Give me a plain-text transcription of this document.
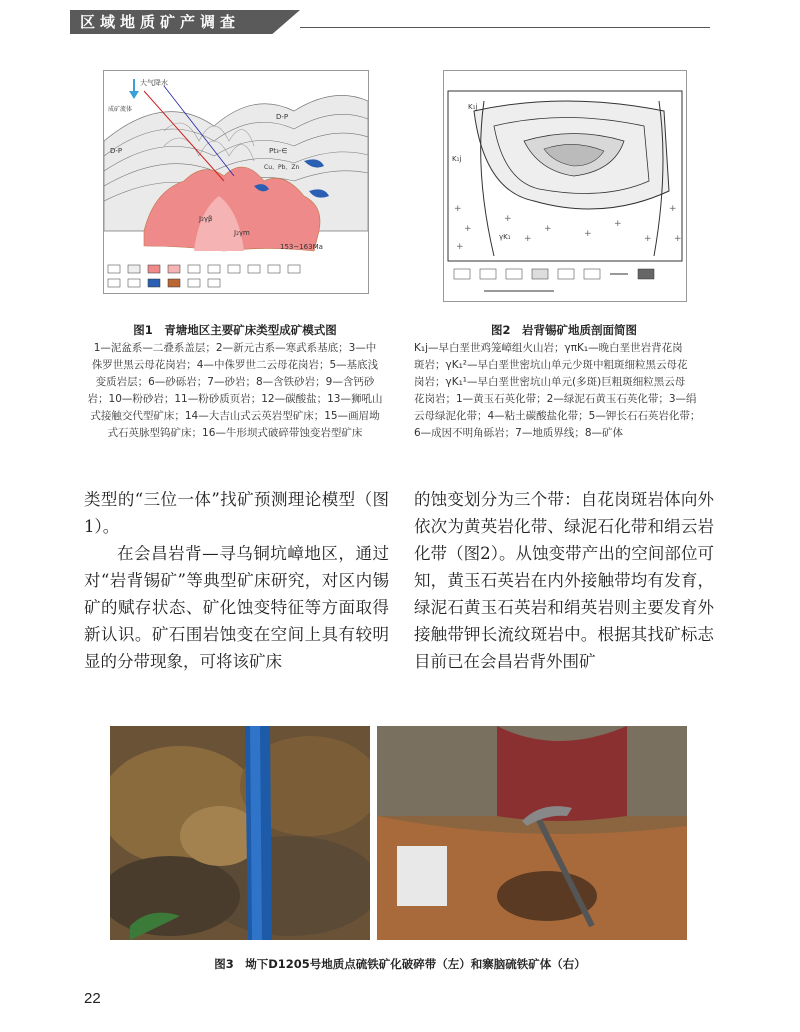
区域地质矿产调查
大气降水
成矿流体
D-P
D-P
Pt₃-∈
Cu、Pb、Zn
J₂γβ
J₂γm
153~163Ma
图1　青塘地区主要矿床类型成矿模式图
1—泥盆系—二叠系盖层；2—新元古系—寒武系基底；3—中
侏罗世黑云母花岗岩；4—中侏罗世二云母花岗岩；5—基底浅
变质岩层；6—砂砾岩；7—砂岩；8—含铁砂岩；9—含钙砂
岩；10—粉砂岩；11—粉砂质页岩；12—碳酸盐；13—狮吼山
式接触交代型矿床；14—大吉山式云英岩型矿床；15—画眉坳
式石英脉型钨矿床；16—牛形坝式破碎带蚀变岩型矿床
+
+
+
+
+
+	+
+
+
+
+
K₁j
K₁j
γK₁
图2　岩背锡矿地质剖面简图
K₁j—早白垩世鸡笼嶂组火山岩；γπK₁—晚白垩世岩背花岗
斑岩；γK₁²—早白垩世密坑山单元少斑中粗斑细粒黑云母花
岗岩；γK₁¹—早白垩世密坑山单元(多斑)巨粗斑细粒黑云母
花岗岩；1—黄玉石英化带；2—绿泥石黄玉石英化带；3—绢
云母绿泥化带；4—粘土碳酸盐化带；5—钾长石石英岩化带；
6—成因不明角砾岩；7—地质界线；8—矿体
类型的“三位一体”找矿预测理论模型（图1）。
在会昌岩背—寻乌铜坑嶂地区，通过对“岩背锡矿”等典型矿床研究，对区内锡矿的赋存状态、矿化蚀变特征等方面取得新认识。矿石围岩蚀变在空间上具有较明显的分带现象，可将该矿床
的蚀变划分为三个带：自花岗斑岩体向外依次为黄英岩化带、绿泥石化带和绢云岩化带（图2）。从蚀变带产出的空间部位可知，黄玉石英岩在内外接触带均有发育，绿泥石黄玉石英岩和绢英岩则主要发育外接触带钾长流纹斑岩中。根据其找矿标志目前已在会昌岩背外围矿
图3　坳下D1205号地质点硫铁矿化破碎带（左）和寨脑硫铁矿体（右）
22
